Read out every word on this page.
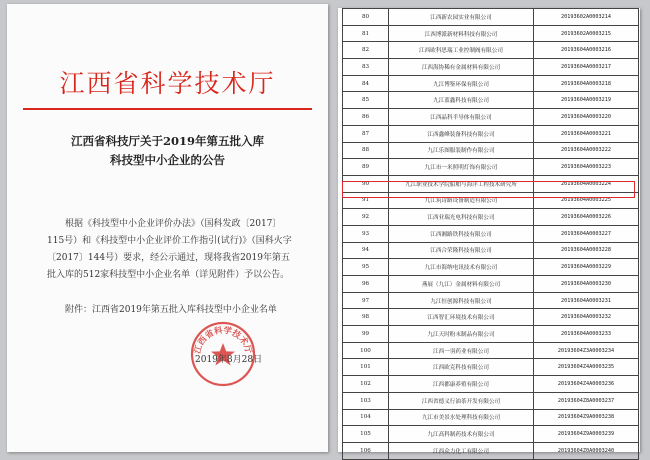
江西省科学技术厅
江西省科技厅关于2019年第五批入库
科技型中小企业的公告
根据《科技型中小企业评价办法》（国科发政〔2017〕115号）和《科技型中小企业评价工作指引(试行)》（国科火字〔2017〕144号）要求，经公示通过，现将我省2019年第五批入库的512家科技型中小企业名单（详见附件）予以公告。
附件：江西省2019年第五批入库科技型中小企业名单
江西省科学技术厅
2019年8月28日
80	江西新农园实业有限公司	20193602A0003214
81	江西博派新材料科技有限公司	20193602A0003215
82	江西欧科思瑞工业控制阀有限公司	20193604A0003216
83	江西海协稀有金属材料有限公司	20193604A0003217
84	九江博鉴环保有限公司	20193604A0003218
85	九江蓝鑫科技有限公司	20193604A0003219
86	江西晶科半导体有限公司	20193604A0003220
87	江西鑫峰装备科技有限公司	20193604A0003221
88	九江乐图服装制作有限公司	20193604A0003222
89	九江市一米照明灯饰有限公司	20193604A0003223
90	九江职业技术学院船舶与海洋工程技术研究所	20193604A0003224
91	九江筑诗路设备制造有限公司	20193604A0003225
92	江西业瑞光电科技有限公司	20193604A0003226
93	江西湘路铁科技有限公司	20193604A0003227
94	江西合荣隆科技有限公司	20193604A0003228
95	九江市海纳电讯技术有限公司	20193604A0003229
96	燕展（九江）金属材料有限公司	20193604A0003230
97	九江恒创源科技有限公司	20193604A0003231
98	江西智汇环境技术有限公司	20193604A0003232
99	九江天时粉末制品有限公司	20193604A0003233
100	江西一羽药业有限公司	20193604Z3A0003234
101	江西欧克科技有限公司	20193604Z4A0003235
102	江西都康养殖有限公司	20193604Z4A0003236
103	江西省德义行油茶开发有限公司	20193604Z8A0003237
104	九江市美景水处理科技有限公司	20193604Z9A0003238
105	九江高科制药技术有限公司	20193604Z9A0003239
106	江西众力化工有限公司	20193604Z0A0003240
